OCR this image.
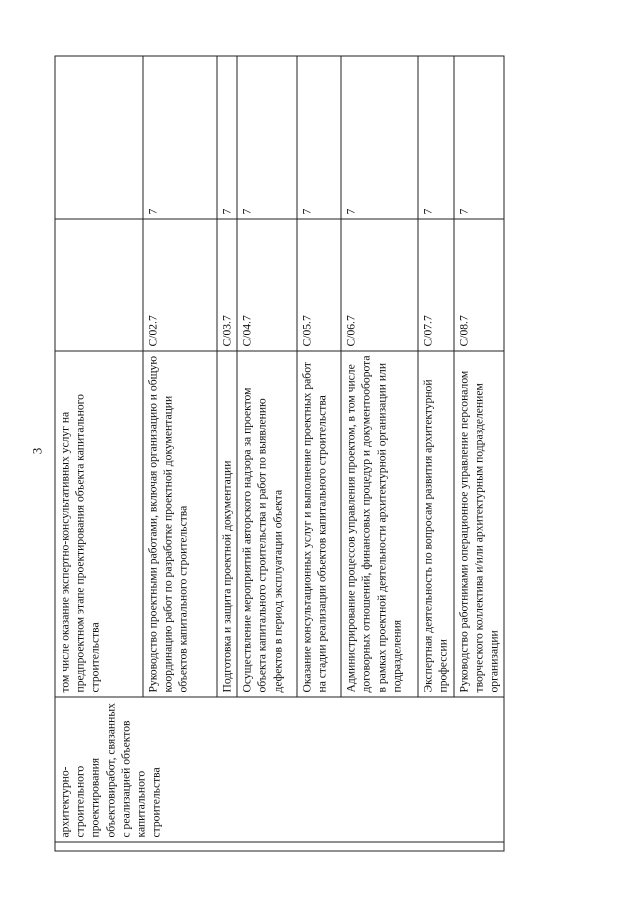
3
	архитектурно-строительного проектирования объектовиработ, связанных с реализацией объектов капитального строительства	том числе оказание экспертно-консультативных услуг на предпроектном этапе проектирования объекта капитального строительства		
		Руководство проектными работами, включая организацию и общую координацию работ по разработке проектной документации объектов капитального строительства	С/02.7	7
		Подготовка и защита проектной документации	С/03.7	7
		Осуществление мероприятий авторского надзора за проектом объекта капитального строительства и работ по выявлению дефектов в период эксплуатации объекта	С/04.7	7
		Оказание консультационных услуг и выполнение проектных работ на стадии реализации объектов капитального строительства	С/05.7	7
		Администрирование процессов управления проектом, в том числе договорных отношений, финансовых процедур и документооборота в рамках проектной деятельности архитектурной организации или подразделения	С/06.7	7
		Экспертная деятельность по вопросам развития архитектурной профессии	С/07.7	7
		Руководство работниками операционное управление персоналом творческого коллектива и/или архитектурным подразделением организации	С/08.7	7
